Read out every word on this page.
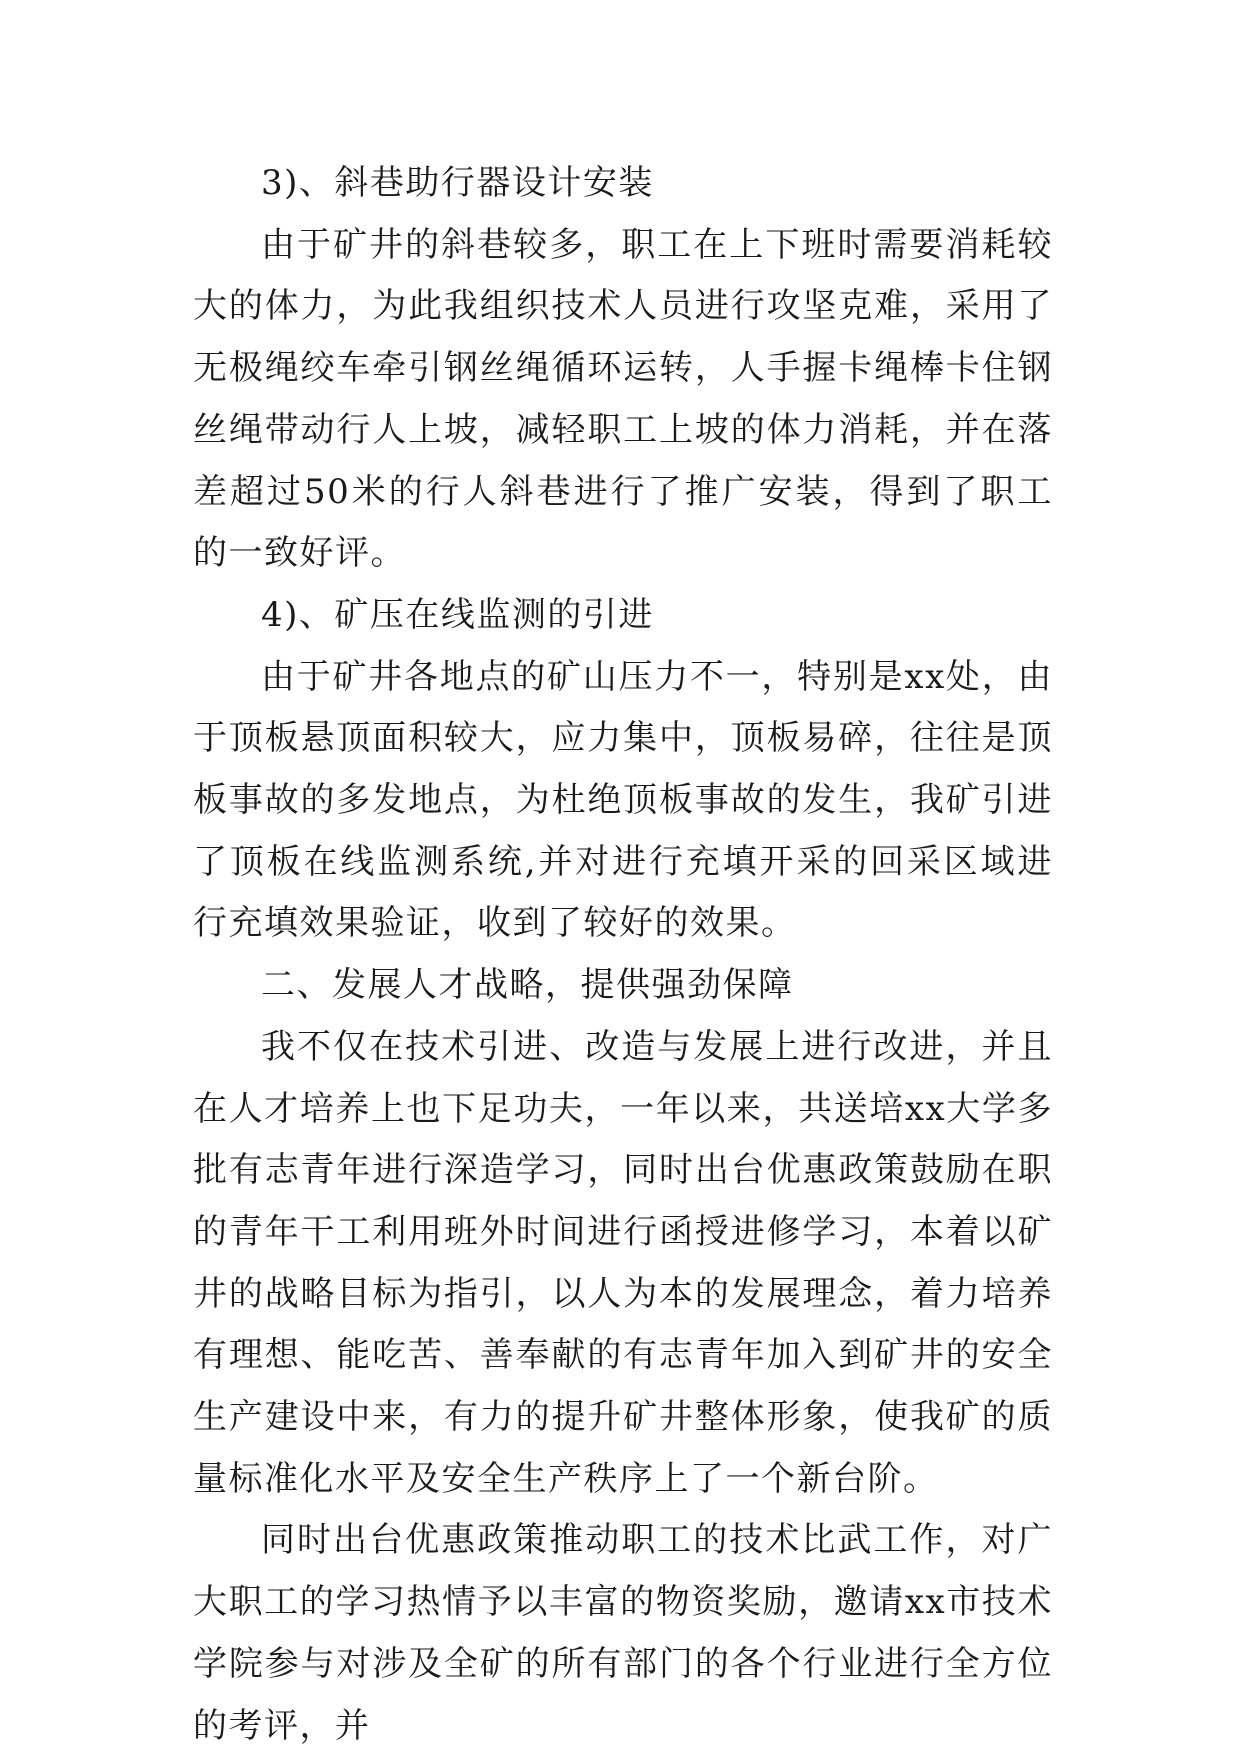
3)、斜巷助行器设计安装

由于矿井的斜巷较多，职工在上下班时需要消耗较大的体力，为此我组织技术人员进行攻坚克难，采用了无极绳绞车牵引钢丝绳循环运转，人手握卡绳棒卡住钢丝绳带动行人上坡，减轻职工上坡的体力消耗，并在落差超过50米的行人斜巷进行了推广安装，得到了职工的一致好评。

4)、矿压在线监测的引进

由于矿井各地点的矿山压力不一，特别是xx处，由于顶板悬顶面积较大，应力集中，顶板易碎，往往是顶板事故的多发地点，为杜绝顶板事故的发生，我矿引进了顶板在线监测系统,并对进行充填开采的回采区域进行充填效果验证，收到了较好的效果。

二、发展人才战略，提供强劲保障

我不仅在技术引进、改造与发展上进行改进，并且在人才培养上也下足功夫，一年以来，共送培xx大学多批有志青年进行深造学习，同时出台优惠政策鼓励在职的青年干工利用班外时间进行函授进修学习，本着以矿井的战略目标为指引，以人为本的发展理念，着力培养有理想、能吃苦、善奉献的有志青年加入到矿井的安全生产建设中来，有力的提升矿井整体形象，使我矿的质量标准化水平及安全生产秩序上了一个新台阶。

同时出台优惠政策推动职工的技术比武工作，对广大职工的学习热情予以丰富的物资奖励，邀请xx市技术学院参与对涉及全矿的所有部门的各个行业进行全方位的考评，并
